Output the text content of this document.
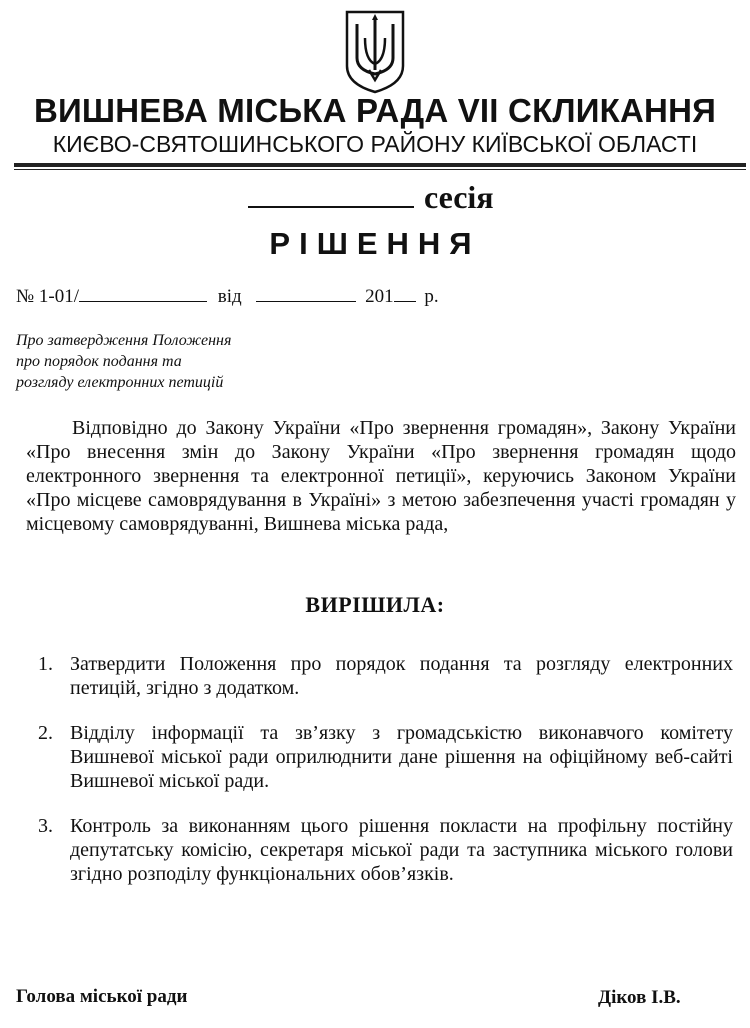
ВИШНЕВА МІСЬКА РАДА VII СКЛИКАННЯ
КИЄВО-СВЯТОШИНСЬКОГО РАЙОНУ КИЇВСЬКОЇ ОБЛАСТІ
сесія
РІШЕННЯ
№ 1-01/	від	201 р.
Про затвердження Положення
про порядок подання та
розгляду електронних петицій
Відповідно до Закону України «Про звернення громадян», Закону України «Про внесення змін до Закону України «Про звернення громадян щодо електронного звернення та електронної петиції», керуючись Законом України «Про місцеве самоврядування в Україні» з метою забезпечення участі громадян у місцевому самоврядуванні, Вишнева міська рада,
ВИРІШИЛА:
1. Затвердити Положення про порядок подання та розгляду електронних петицій, згідно з додатком.
2. Відділу інформації та зв’язку з громадськістю виконавчого комітету Вишневої міської ради оприлюднити дане рішення на офіційному веб-сайті Вишневої міської ради.
3. Контроль за виконанням цього рішення покласти на профільну постійну депутатську комісію, секретаря міської ради та заступника міського голови згідно розподілу функціональних обов’язків.
Голова міської ради	Діков І.В.
